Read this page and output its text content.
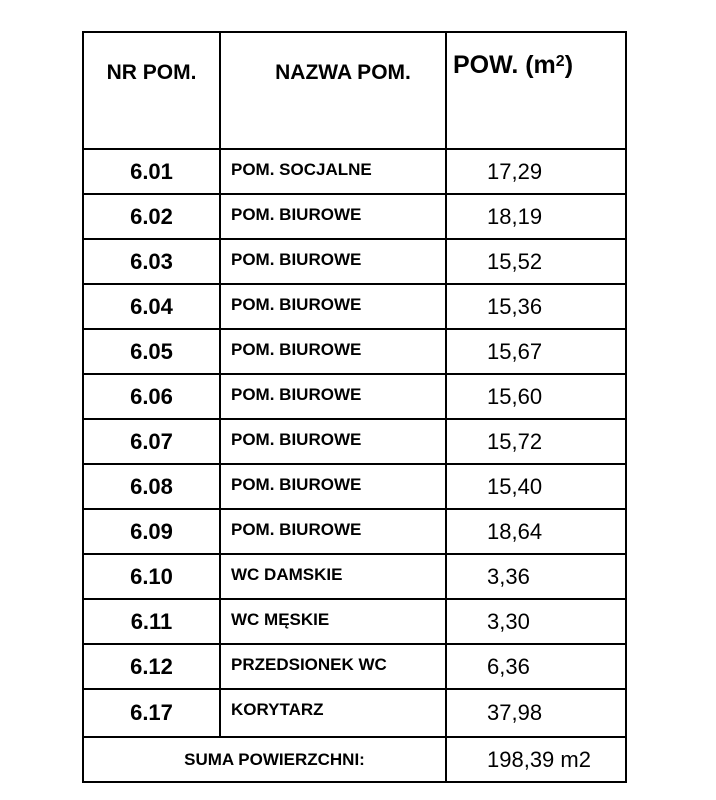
NR POM.	NAZWA POM.	POW. $(m^2)$
6.01	POM. SOCJALNE	17,29
6.02	POM. BIUROWE	18,19
6.03	POM. BIUROWE	15,52
6.04	POM. BIUROWE	15,36
6.05	POM. BIUROWE	15,67
6.06	POM. BIUROWE	15,60
6.07	POM. BIUROWE	15,72
6.08	POM. BIUROWE	15,40
6.09	POM. BIUROWE	18,64
6.10	WC DAMSKIE	3,36
6.11	WC MĘSKIE	3,30
6.12	PRZEDSIONEK WC	6,36
6.17	KORYTARZ	37,98
SUMA POWIERZCHNI:		198,39 m2
